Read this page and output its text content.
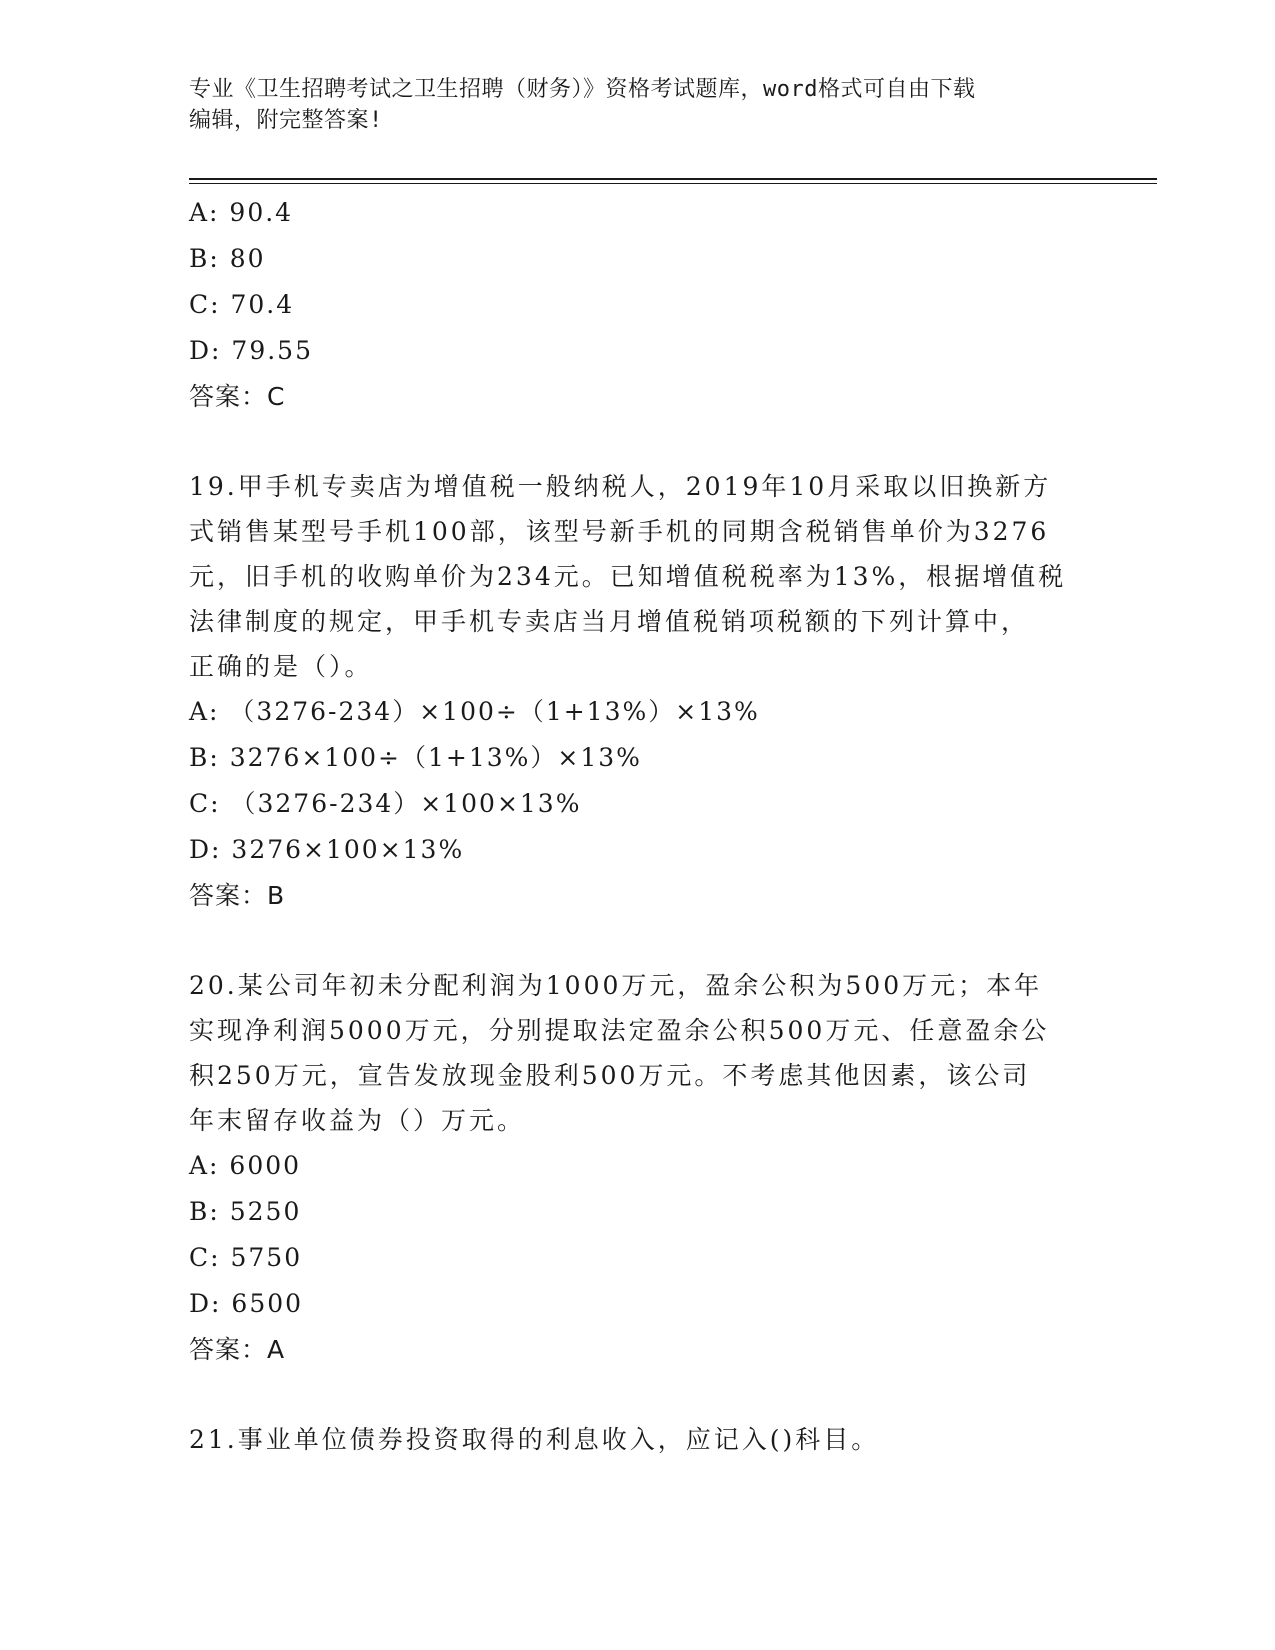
专业《卫生招聘考试之卫生招聘（财务）》资格考试题库，word格式可自由下载
编辑，附完整答案!
A: 90.4
B: 80
C: 70.4
D: 79.55
答案：C
19.甲手机专卖店为增值税一般纳税人，2019年10月采取以旧换新方
式销售某型号手机100部，该型号新手机的同期含税销售单价为3276
元，旧手机的收购单价为234元。已知增值税税率为13%，根据增值税
法律制度的规定，甲手机专卖店当月增值税销项税额的下列计算中，
正确的是（）。
A: （3276-234）×100÷（1+13%）×13%
B: 3276×100÷（1+13%）×13%
C: （3276-234）×100×13%
D: 3276×100×13%
答案：B
20.某公司年初未分配利润为1000万元，盈余公积为500万元；本年
实现净利润5000万元，分别提取法定盈余公积500万元、任意盈余公
积250万元，宣告发放现金股利500万元。不考虑其他因素，该公司
年末留存收益为（）万元。
A: 6000
B: 5250
C: 5750
D: 6500
答案：A
21.事业单位债券投资取得的利息收入，应记入()科目。
